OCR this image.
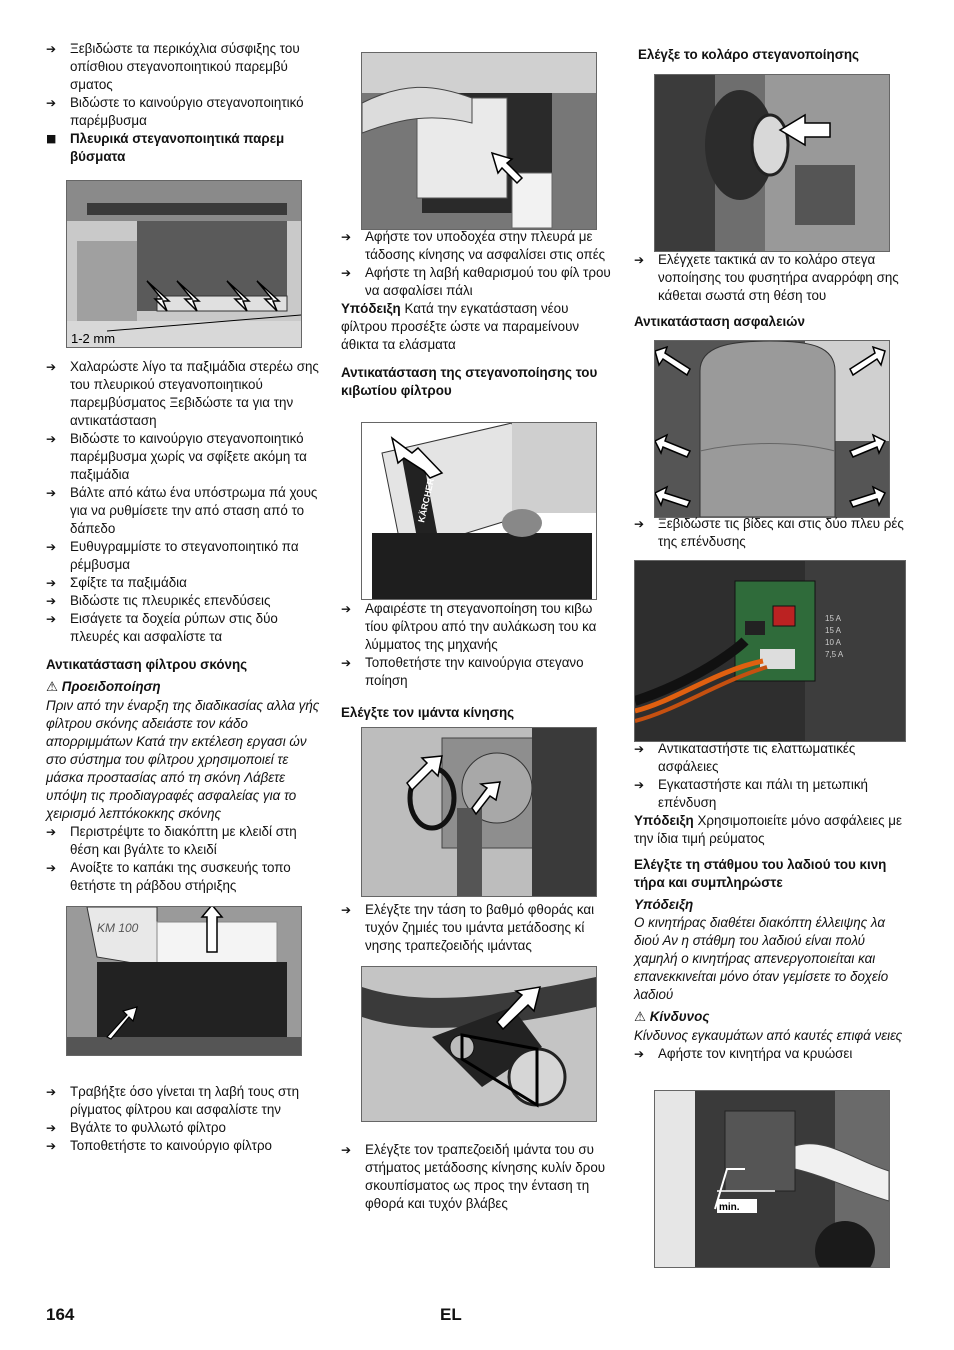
➔ Ξεβιδώστε τα περικόχλια σύσφιξης του οπίσθιου στεγανοποιητικού παρεμβύ σματος

➔ Βιδώστε το καινούργιο στεγανοποιητικό παρέμβυσμα

■ Πλευρικά στεγανοποιητικά παρεμ βύσματα

1-2 mm

➔ Χαλαρώστε λίγο τα παξιμάδια στερέω σης του πλευρικού στεγανοποιητικού παρεμβύσματος Ξεβιδώστε τα για την αντικατάσταση

➔ Βιδώστε το καινούργιο στεγανοποιητικό παρέμβυσμα χωρίς να σφίξετε ακόμη τα παξιμάδια

➔ Βάλτε από κάτω ένα υπόστρωμα πά χους για να ρυθμίσετε την από σταση από το δάπεδο

➔ Ευθυγραμμίστε το στεγανοποιητικό πα ρέμβυσμα

➔ Σφίξτε τα παξιμάδια

➔ Βιδώστε τις πλευρικές επενδύσεις

➔ Εισάγετε τα δοχεία ρύπων στις δύο πλευρές και ασφαλίστε τα

Αντικατάσταση φίλτρου σκόνης

⚠ Προειδοποίηση

Πριν από την έναρξη της διαδικασίας αλλα γής φίλτρου σκόνης αδειάστε τον κάδο απορριμμάτων Κατά την εκτέλεση εργασι ών στο σύστημα του φίλτρου χρησιμοποιεί τε μάσκα προστασίας από τη σκόνη Λάβετε υπόψη τις προδιαγραφές ασφαλείας για το χειρισμό λεπτόκοκκης σκόνης

➔ Περιστρέψτε το διακόπτη με κλειδί στη θέση και βγάλτε το κλειδί

➔ Ανοίξτε το καπάκι της συσκευής τοπο θετήστε τη ράβδου στήριξης

KM 100

➔ Τραβήξτε όσο γίνεται τη λαβή τους στη ρίγματος φίλτρου και ασφαλίστε την

➔ Βγάλτε το φυλλωτό φίλτρο

➔ Τοποθετήστε το καινούργιο φίλτρο

➔ Αφήστε τον υποδοχέα στην πλευρά με τάδοσης κίνησης να ασφαλίσει στις οπές

➔ Αφήστε τη λαβή καθαρισμού του φίλ τρου να ασφαλίσει πάλι

Υπόδειξη Κατά την εγκατάσταση νέου φίλτρου προσέξτε ώστε να παραμείνουν άθικτα τα ελάσματα

Αντικατάσταση της στεγανοποίησης του κιβωτίου φίλτρου

KÄRCHER

➔ Αφαιρέστε τη στεγανοποίηση του κιβω τίου φίλτρου από την αυλάκωση του κα λύμματος της μηχανής

➔ Τοποθετήστε την καινούργια στεγανο ποίηση

Ελέγξτε τον ιμάντα κίνησης

➔ Ελέγξτε την τάση το βαθμό φθοράς και τυχόν ζημιές του ιμάντα μετάδοσης κί νησης τραπεζοειδής ιμάντας

➔ Ελέγξτε τον τραπεζοειδή ιμάντα του συ στήματος μετάδοσης κίνησης κυλίν δρου σκουπίσματος ως προς την ένταση τη φθορά και τυχόν βλάβες

Ελέγξε το κολάρο στεγανοποίησης

➔ Ελέγχετε τακτικά αν το κολάρο στεγα νοποίησης του φυσητήρα αναρρόφη σης κάθεται σωστά στη θέση του

Αντικατάσταση ασφαλειών

➔ Ξεβιδώστε τις βίδες και στις δύο πλευ ρές της επένδυσης

15 A
15 A
10 A
7,5 A

➔ Αντικαταστήστε τις ελαττωματικές ασφάλειες

➔ Εγκαταστήστε και πάλι τη μετωπική επένδυση

Υπόδειξη Χρησιμοποιείτε μόνο ασφάλειες με την ίδια τιμή ρεύματος

Ελέγξτε τη στάθμου του λαδιού του κινη τήρα και συμπληρώστε

Υπόδειξη

Ο κινητήρας διαθέτει διακόπτη έλλειψης λα διού Αν η στάθμη του λαδιού είναι πολύ χαμηλή ο κινητήρας απενεργοποιείται και επανεκκινείται μόνο όταν γεμίσετε το δοχείο λαδιού

⚠ Κίνδυνος

Κίνδυνος εγκαυμάτων από καυτές επιφά νειες

➔ Αφήστε τον κινητήρα να κρυώσει

min.
164	EL
